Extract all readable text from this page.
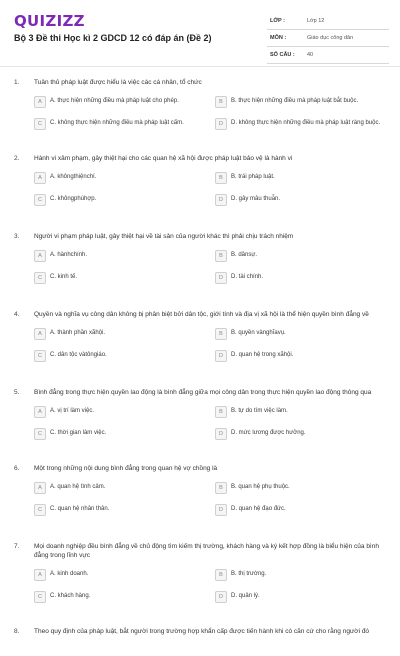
QUIZIZZ
Bộ 3 Đề thi Học kì 2 GDCD 12 có đáp án (Đề 2)
LỚP :	Lớp 12
MÔN :	Giáo dục công dân
SỐ CÂU :	40
1.	Tuân thủ pháp luật được hiểu là việc các cá nhân, tổ chức
A	A. thực hiện những điều mà pháp luật cho phép.	B	B. thực hiện những điều mà pháp luật bắt buộc.
C	C. không thực hiện những điều mà pháp luật cấm.	D	D. không thực hiện những điều mà pháp luật ràng buộc.
2.	Hành vi xâm phạm, gây thiệt hại cho các quan hệ xã hội được pháp luật bảo vệ là hành vi
A	A. khôngthiệnchí.	B	B. trái pháp luật.
C	C. khôngphùhợp.	D	D. gây mâu thuẫn.
3.	Người vi phạm pháp luật, gây thiệt hại về tài sản của người khác thì phải chịu trách nhiệm
A	A. hànhchính.	B	B. dânsự.
C	C. kinh tế.	D	D. tài chính.
4.	Quyền và nghĩa vụ công dân không bị phân biệt bởi dân tộc, giới tính và địa vị xã hội là thể hiện quyền bình đẳng về
A	A. thành phần xãhội.	B	B. quyền vànghĩavụ.
C	C. dân tộc vàtôngiáo.	D	D. quan hệ trong xãhội.
5.	Bình đẳng trong thực hiện quyền lao động là bình đẳng giữa mọi công dân trong thực hiện quyền lao động thông qua
A	A. vị trí làm việc.	B	B. tự do tìm việc làm.
C	C. thời gian làm việc.	D	D. mức lương được hưởng.
6.	Một trong những nội dung bình đẳng trong quan hệ vợ chồng là
A	A. quan hệ tình cảm.	B	B. quan hệ phụ thuộc.
C	C. quan hệ nhân thân.	D	D. quan hệ đạo đức.
7.	Mọi doanh nghiệp đều bình đẳng về chủ động tìm kiếm thị trường, khách hàng và ký kết hợp đồng là biểu hiện của bình đẳng trong lĩnh vực
A	A. kinh doanh.	B	B. thị trường.
C	C. khách hàng.	D	D. quản lý.
8.	Theo quy định của pháp luật, bắt người trong trường hợp khẩn cấp được tiến hành khi có căn cứ cho rằng người đó
